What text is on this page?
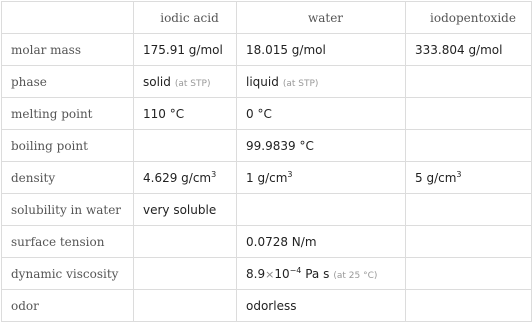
	iodic acid	water	iodopentoxide
molar mass	175.91 g/mol	18.015 g/mol	333.804 g/mol
phase	solid (at STP)	liquid (at STP)	
melting point	110 °C	0 °C	
boiling point		99.9839 °C	
density	4.629 $g/cm^3$	1 $g/cm^3$	5 $g/cm^3$
solubility in water	very soluble		
surface tension		0.0728 N/m	
dynamic viscosity		$8.9\times 10^{-4}$ Pa s (at 25 °C)	
odor		odorless	
